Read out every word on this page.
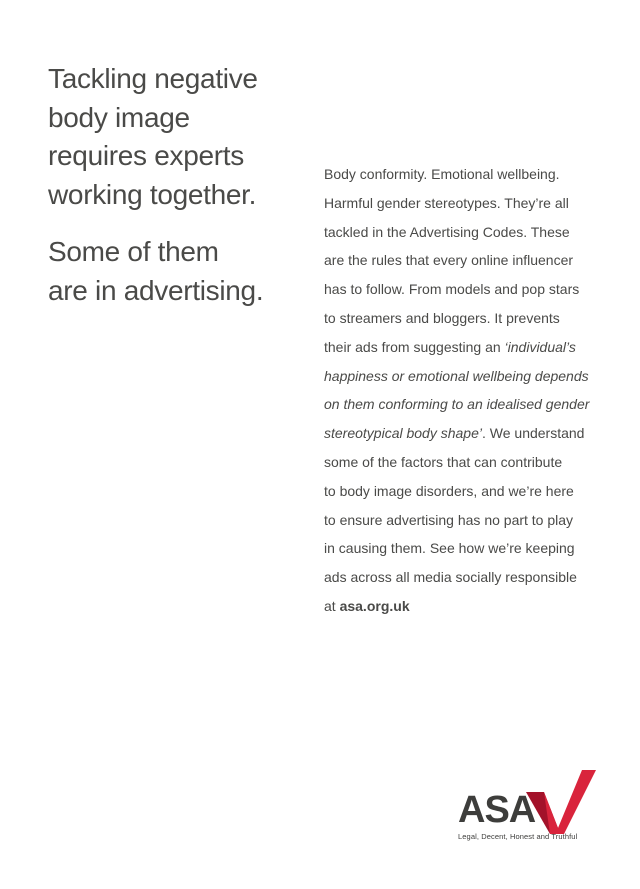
Tackling negative
body image
requires experts
working together.
Some of them
are in advertising.
Body conformity. Emotional wellbeing.
Harmful gender stereotypes. They’re all
tackled in the Advertising Codes. These
are the rules that every online influencer
has to follow. From models and pop stars
to streamers and bloggers. It prevents
their ads from suggesting an ‘individual’s
happiness or emotional wellbeing depends
on them conforming to an idealised gender
stereotypical body shape’. We understand
some of the factors that can contribute
to body image disorders, and we’re here
to ensure advertising has no part to play
in causing them. See how we’re keeping
ads across all media socially responsible
at asa.org.uk
ASA
Legal, Decent, Honest and Truthful
